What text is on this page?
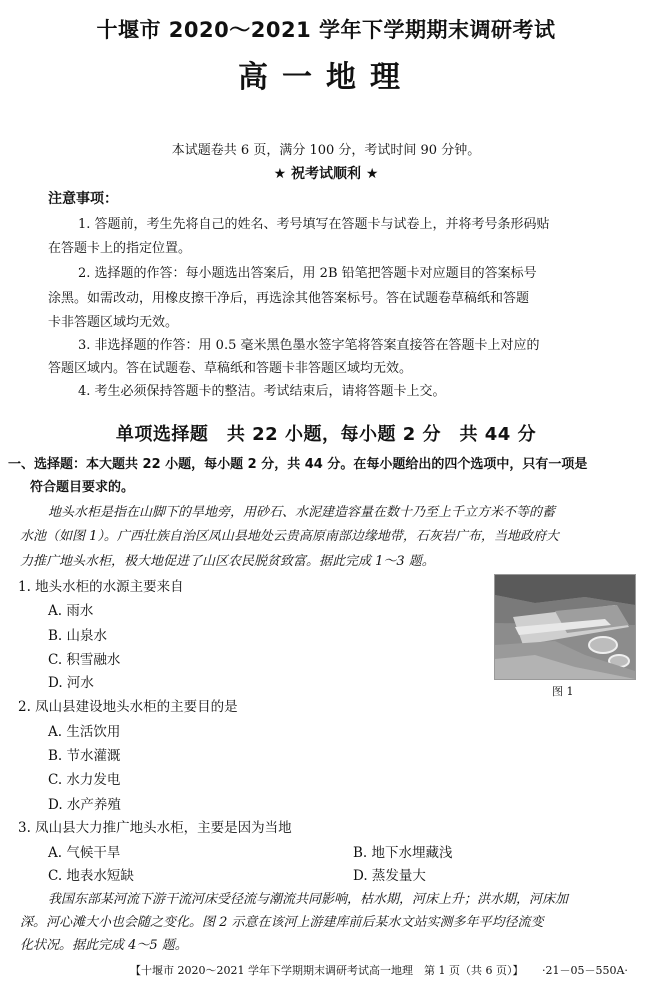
十堰市 2020～2021 学年下学期期末调研考试
高一地理
本试题卷共 6 页，满分 100 分，考试时间 90 分钟。
★ 祝考试顺利 ★
注意事项：
1. 答题前，考生先将自己的姓名、考号填写在答题卡与试卷上，并将考号条形码贴
在答题卡上的指定位置。
2. 选择题的作答：每小题选出答案后，用 2B 铅笔把答题卡对应题目的答案标号
涂黑。如需改动，用橡皮擦干净后，再选涂其他答案标号。答在试题卷草稿纸和答题
卡非答题区域均无效。
3. 非选择题的作答：用 0.5 毫米黑色墨水签字笔将答案直接答在答题卡上对应的
答题区域内。答在试题卷、草稿纸和答题卡非答题区域均无效。
4. 考生必须保持答题卡的整洁。考试结束后，请将答题卡上交。
单项选择题　共 22 小题，每小题 2 分　共 44 分
一、选择题：本大题共 22 小题，每小题 2 分，共 44 分。在每小题给出的四个选项中，只有一项是
符合题目要求的。
地头水柜是指在山脚下的旱地旁，用砂石、水泥建造容量在数十乃至上千立方米不等的蓄
水池（如图 1）。广西壮族自治区凤山县地处云贵高原南部边缘地带，石灰岩广布，当地政府大
力推广地头水柜，极大地促进了山区农民脱贫致富。据此完成 1～3 题。
图 1
1. 地头水柜的水源主要来自
A. 雨水
B. 山泉水
C. 积雪融水
D. 河水
2. 凤山县建设地头水柜的主要目的是
A. 生活饮用
B. 节水灌溉
C. 水力发电
D. 水产养殖
3. 凤山县大力推广地头水柜，主要是因为当地
A. 气候干旱	B. 地下水埋藏浅
C. 地表水短缺	D. 蒸发量大
我国东部某河流下游干流河床受径流与潮流共同影响，枯水期，河床上升；洪水期，河床加
深。河心滩大小也会随之变化。图 2 示意在该河上游建库前后某水文站实测多年平均径流变
化状况。据此完成 4～5 题。
【十堰市 2020～2021 学年下学期期末调研考试高一地理　第 1 页（共 6 页）】 ·21－05－550A·
